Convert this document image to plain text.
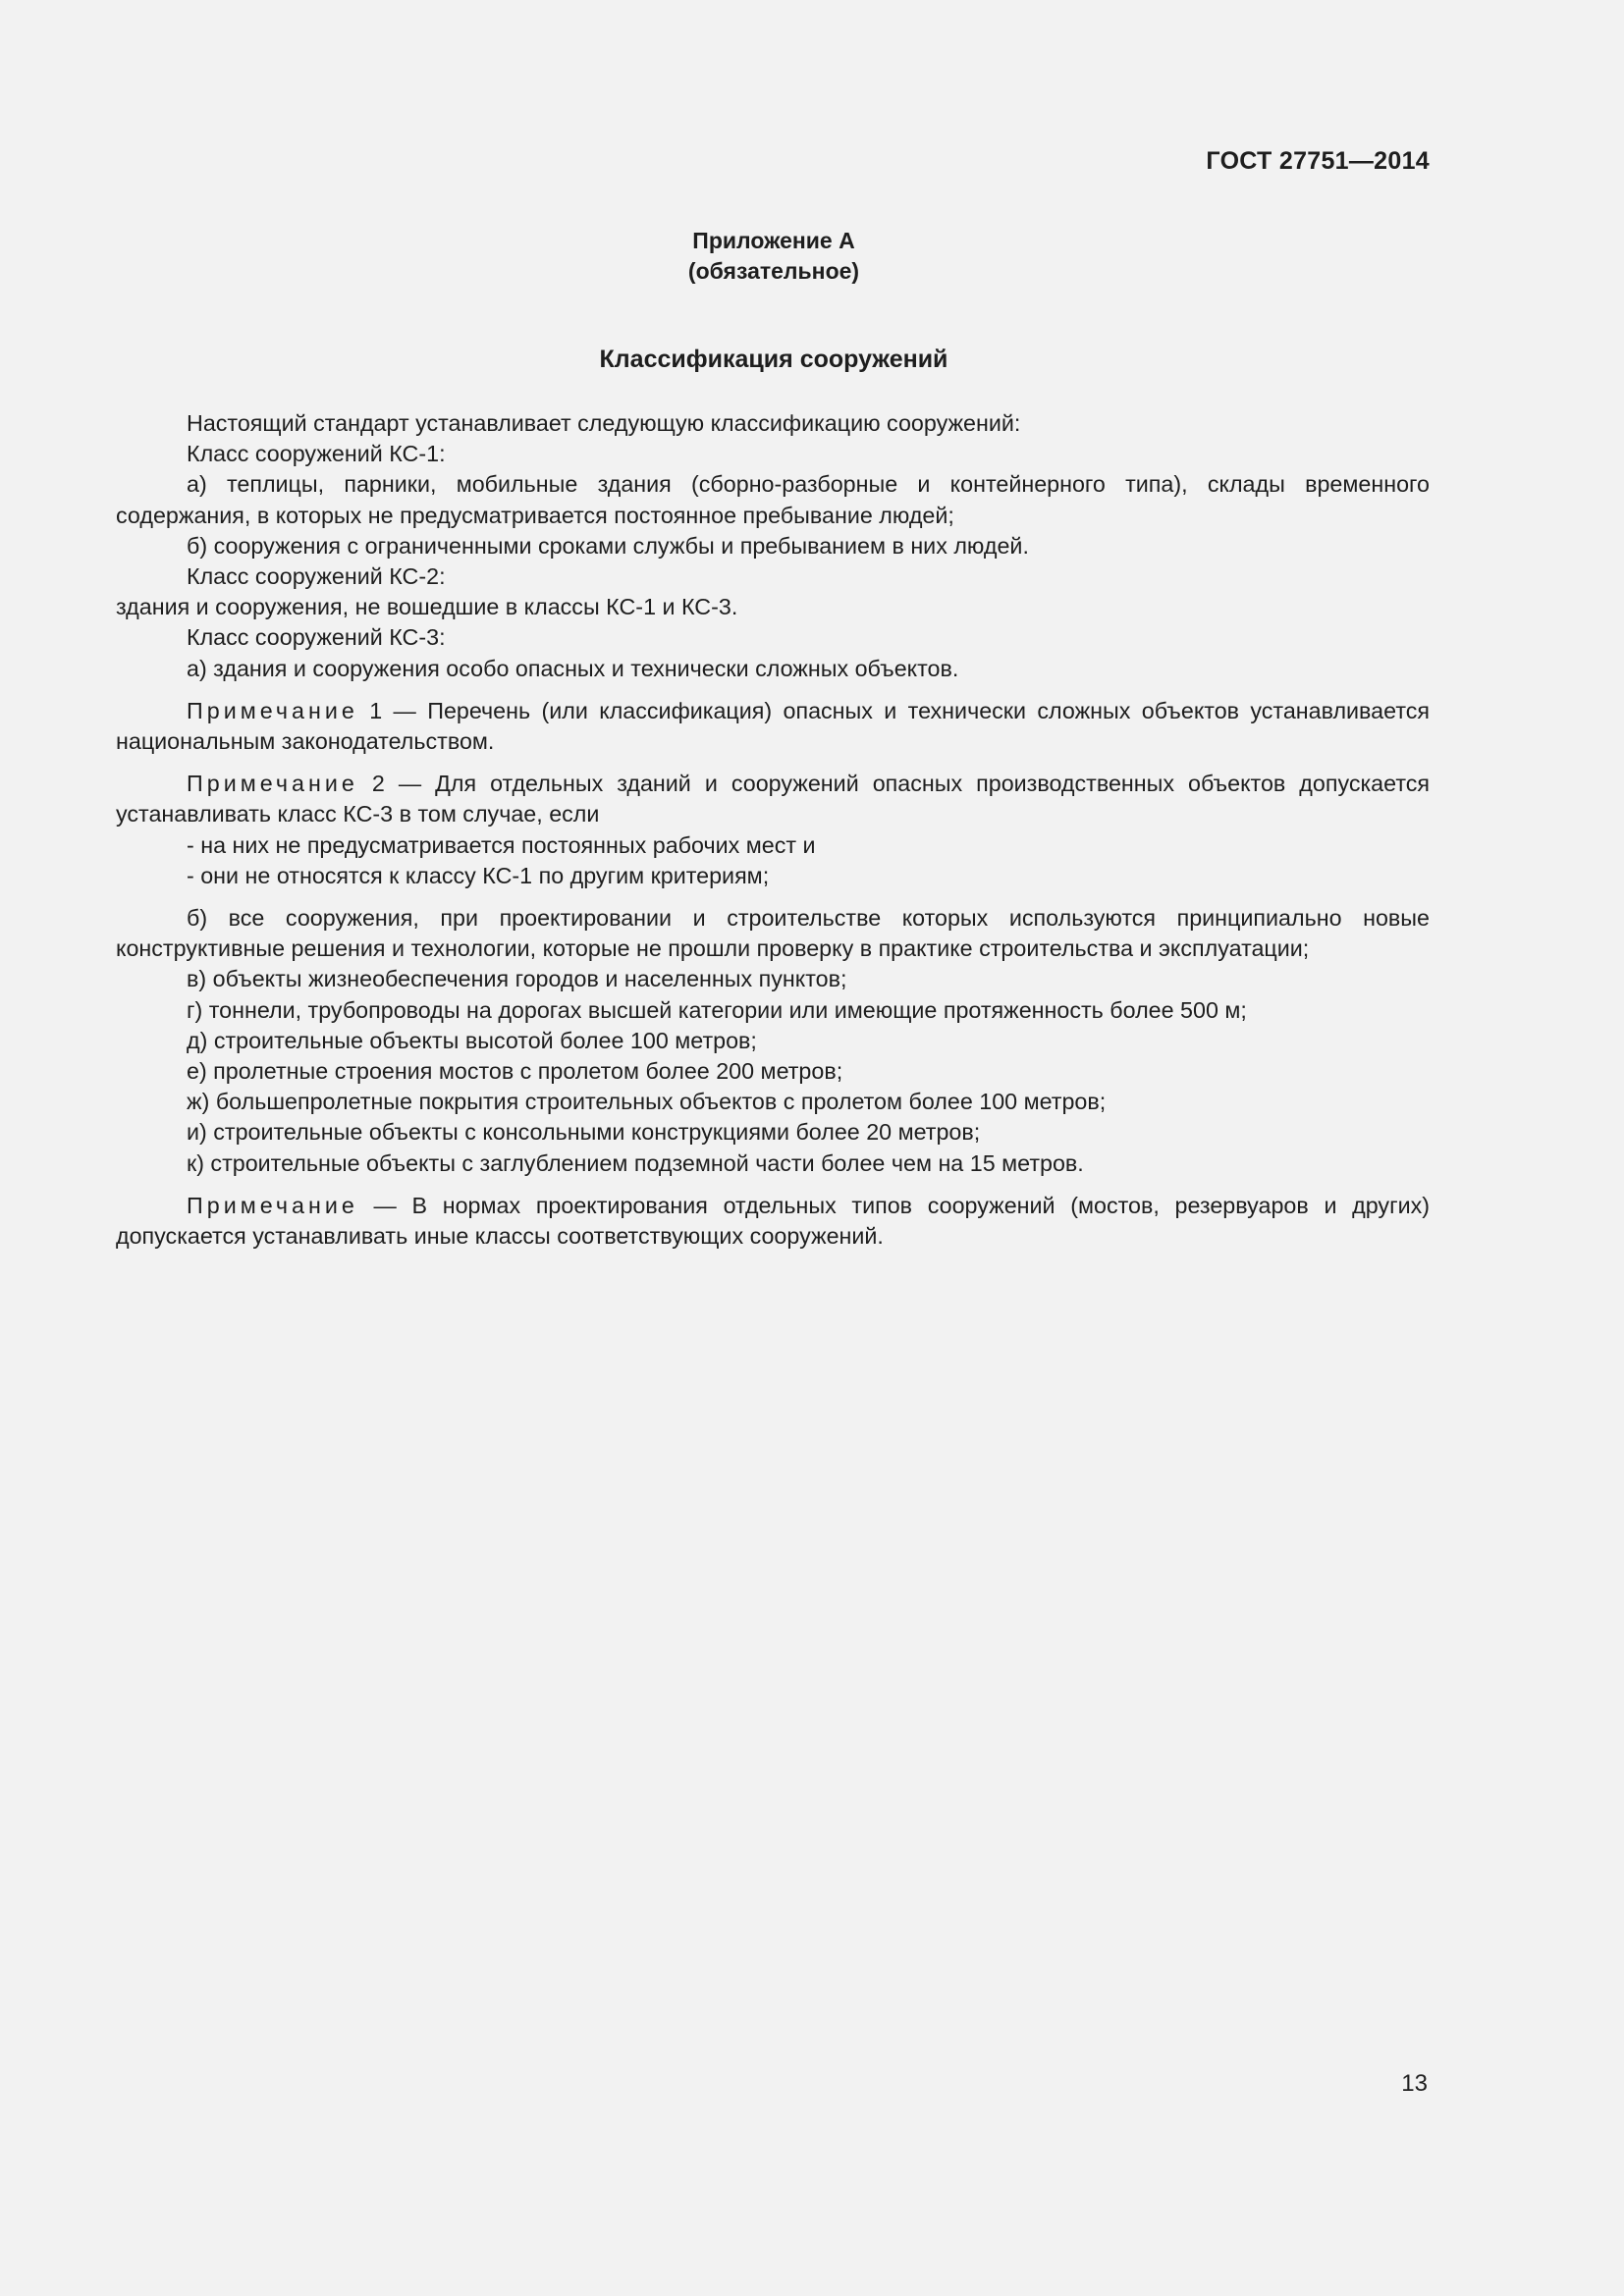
ГОСТ 27751—2014
Приложение А
(обязательное)
Классификация сооружений

Настоящий стандарт устанавливает следующую классификацию сооружений:

Класс сооружений КС-1:

а) теплицы, парники, мобильные здания (сборно-разборные и контейнерного типа), склады временного содержания, в которых не предусматривается постоянное пребывание людей;

б) сооружения с ограниченными сроками службы и пребыванием в них людей.

Класс сооружений КС-2:

здания и сооружения, не вошедшие в классы КС-1 и КС-3.

Класс сооружений КС-3:

а) здания и сооружения особо опасных и технически сложных объектов.

Примечание 1 — Перечень (или классификация) опасных и технически сложных объектов устанавливается национальным законодательством.

Примечание 2 — Для отдельных зданий и сооружений опасных производственных объектов допускается устанавливать класс КС-3 в том случае, если

- на них не предусматривается постоянных рабочих мест и

- они не относятся к классу КС-1 по другим критериям;

б) все сооружения, при проектировании и строительстве которых используются принципиально новые конструктивные решения и технологии, которые не прошли проверку в практике строительства и эксплуатации;

в) объекты жизнеобеспечения городов и населенных пунктов;

г) тоннели, трубопроводы на дорогах высшей категории или имеющие протяженность более 500 м;

д) строительные объекты высотой более 100 метров;

е) пролетные строения мостов с пролетом более 200 метров;

ж) большепролетные покрытия строительных объектов с пролетом более 100 метров;

и) строительные объекты с консольными конструкциями более 20 метров;

к) строительные объекты с заглублением подземной части более чем на 15 метров.

Примечание — В нормах проектирования отдельных типов сооружений (мостов, резервуаров и других) допускается устанавливать иные классы соответствующих сооружений.

13
